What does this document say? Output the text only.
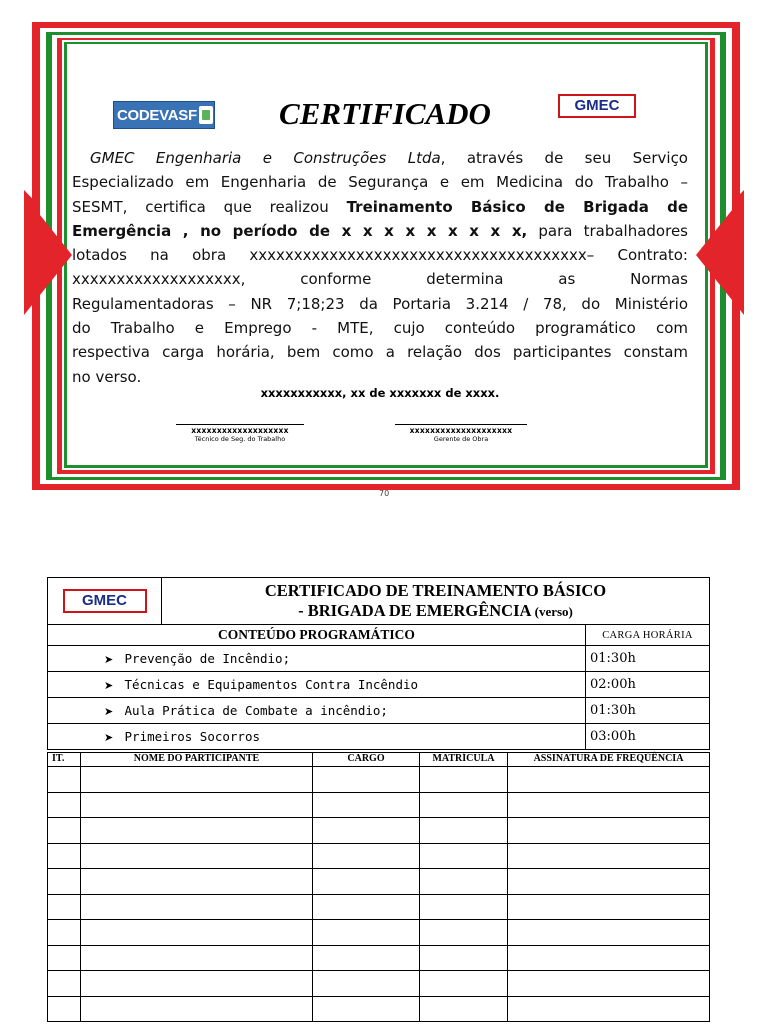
CODEVASF	CERTIFICADO	GMEC
GMEC Engenharia e Construções Ltda, através de seu Serviço
Especializado em Engenharia de Segurança e em Medicina do Trabalho –
SESMT, certifica que realizou Treinamento Básico de Brigada de
Emergência , no período de x x x x x x x x x, para trabalhadores
lotados na obra xxxxxxxxxxxxxxxxxxxxxxxxxxxxxxxxxxxxxx– Contrato:
xxxxxxxxxxxxxxxxxxx, conforme determina as Normas
Regulamentadoras – NR 7;18;23 da Portaria 3.214 / 78, do Ministério
do Trabalho e Emprego - MTE, cujo conteúdo programático com
respectiva carga horária, bem como a relação dos participantes constam
no verso.
xxxxxxxxxxx, xx de xxxxxxx de xxxx.
xxxxxxxxxxxxxxxxxxx
Técnico de Seg. do Trabalho
xxxxxxxxxxxxxxxxxxxx
Gerente de Obra
70
GMEC	CERTIFICADO DE TREINAMENTO BÁSICO
- BRIGADA DE EMERGÊNCIA (verso)	

CONTEÚDO PROGRAMÁTICO		CARGA HORÁRIA
➤ Prevenção de Incêndio;		01:30h
➤ Técnicas e Equipamentos Contra Incêndio		02:00h
➤ Aula Prática de Combate a incêndio;		01:30h
➤ Primeiros Socorros		03:00h
IT.	NOME DO PARTICIPANTE	CARGO	MATRÍCULA	ASSINATURA DE FREQÜÊNCIA
